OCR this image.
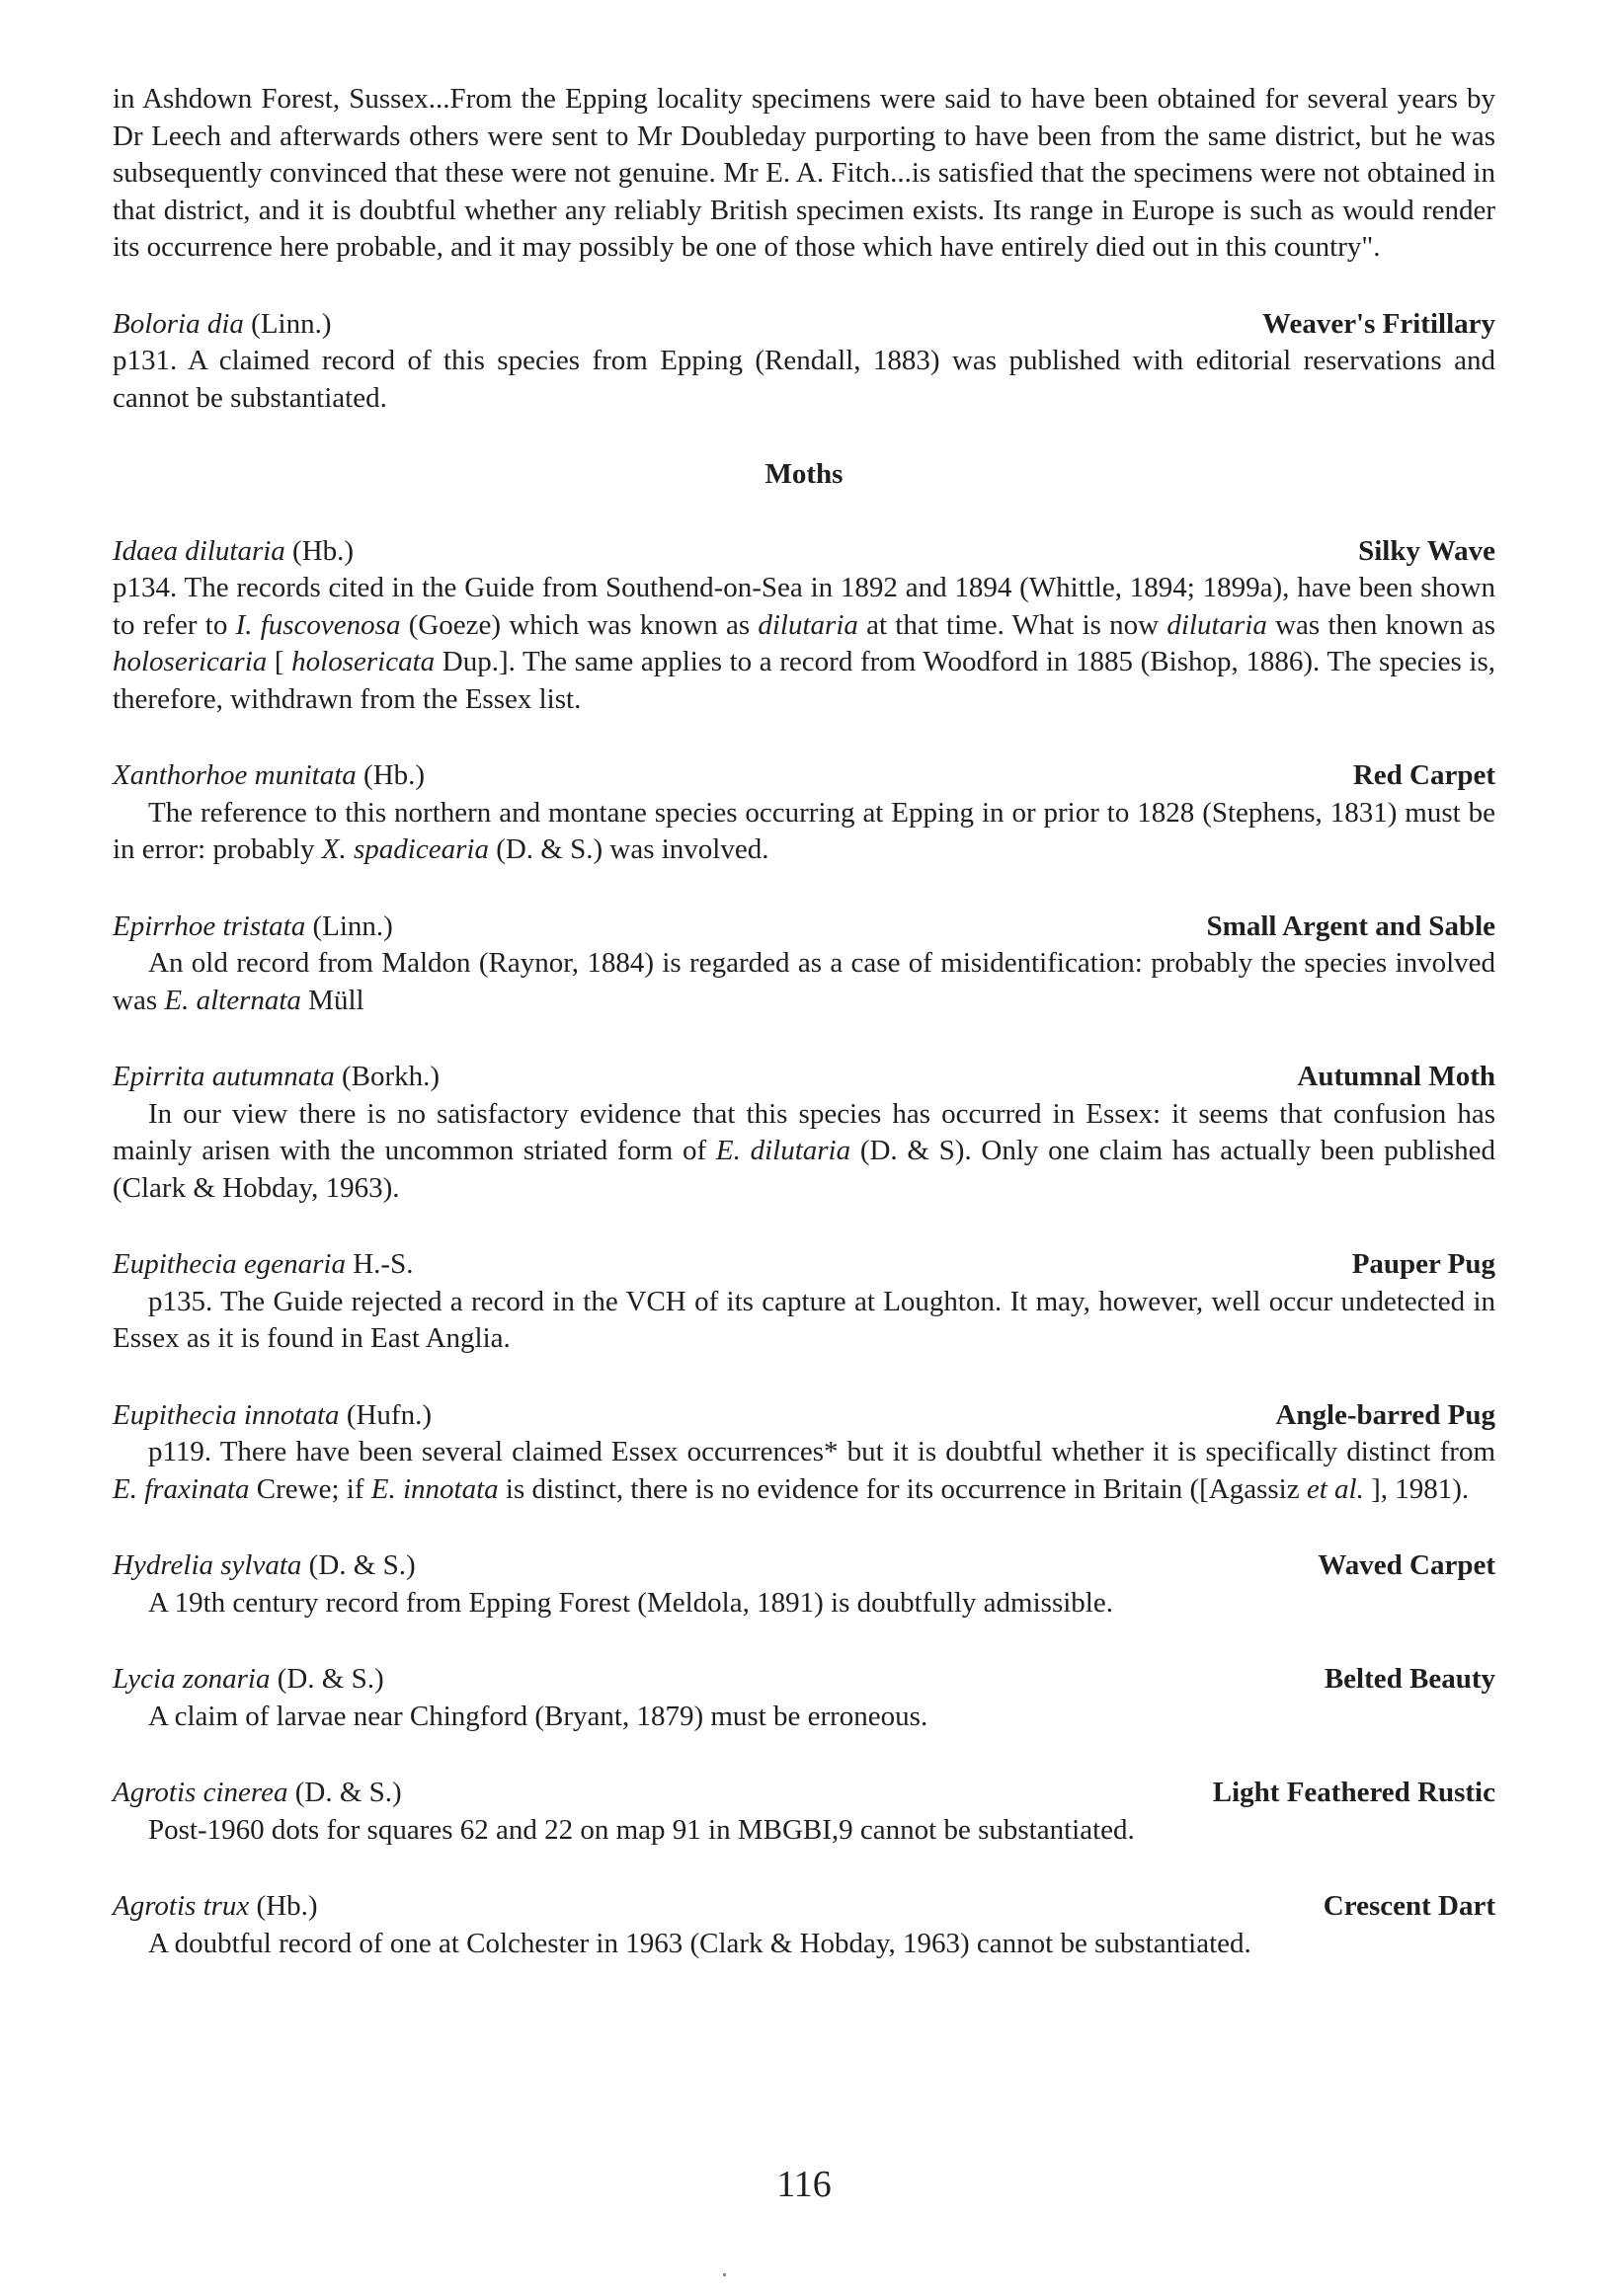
in Ashdown Forest, Sussex...From the Epping locality specimens were said to have been obtained for several years by Dr Leech and afterwards others were sent to Mr Doubleday purporting to have been from the same district, but he was subsequently convinced that these were not genuine. Mr E. A. Fitch...is satisfied that the specimens were not obtained in that district, and it is doubtful whether any reliably British specimen exists. Its range in Europe is such as would render its occurrence here probable, and it may possibly be one of those which have entirely died out in this country".

Boloria dia (Linn.)	Weaver's Fritillary

p131. A claimed record of this species from Epping (Rendall, 1883) was published with editorial reservations and cannot be substantiated.

Moths
Idaea dilutaria (Hb.)	Silky Wave

p134. The records cited in the Guide from Southend-on-Sea in 1892 and 1894 (Whittle, 1894; 1899a), have been shown to refer to I. fuscovenosa (Goeze) which was known as dilutaria at that time. What is now dilutaria was then known as holosericaria [ holosericata Dup.]. The same applies to a record from Woodford in 1885 (Bishop, 1886). The species is, therefore, withdrawn from the Essex list.

Xanthorhoe munitata (Hb.)	Red Carpet

The reference to this northern and montane species occurring at Epping in or prior to 1828 (Stephens, 1831) must be in error: probably X. spadicearia (D. & S.) was involved.

Epirrhoe tristata (Linn.)	Small Argent and Sable

An old record from Maldon (Raynor, 1884) is regarded as a case of misidentification: probably the species involved was E. alternata Müll

Epirrita autumnata (Borkh.)	Autumnal Moth

In our view there is no satisfactory evidence that this species has occurred in Essex: it seems that confusion has mainly arisen with the uncommon striated form of E. dilutaria (D. & S). Only one claim has actually been published (Clark & Hobday, 1963).

Eupithecia egenaria H.-S.	Pauper Pug

p135. The Guide rejected a record in the VCH of its capture at Loughton. It may, however, well occur undetected in Essex as it is found in East Anglia.

Eupithecia innotata (Hufn.)	Angle-barred Pug

p119. There have been several claimed Essex occurrences* but it is doubtful whether it is specifically distinct from E. fraxinata Crewe; if E. innotata is distinct, there is no evidence for its occurrence in Britain ([Agassiz et al. ], 1981).

Hydrelia sylvata (D. & S.)	Waved Carpet

A 19th century record from Epping Forest (Meldola, 1891) is doubtfully admissible.

Lycia zonaria (D. & S.)	Belted Beauty

A claim of larvae near Chingford (Bryant, 1879) must be erroneous.

Agrotis cinerea (D. & S.)	Light Feathered Rustic

Post-1960 dots for squares 62 and 22 on map 91 in MBGBI,9 cannot be substantiated.

Agrotis trux (Hb.)	Crescent Dart

A doubtful record of one at Colchester in 1963 (Clark & Hobday, 1963) cannot be substantiated.

116
